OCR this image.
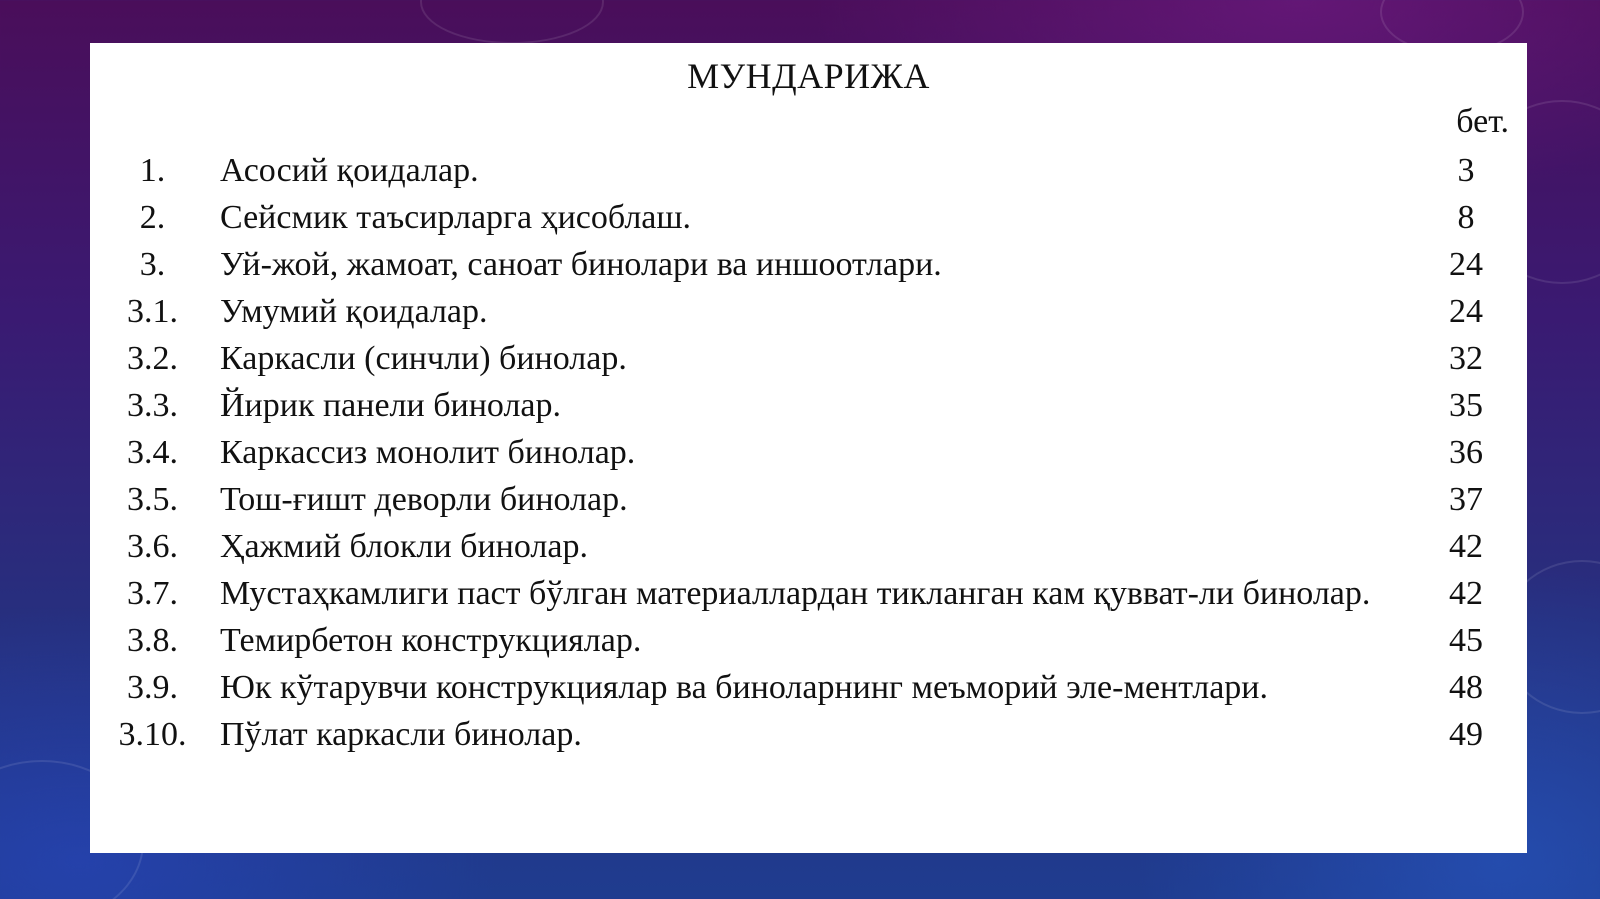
МУНДАРИЖА
бет.
1.	Асосий қоидалар.	3
2.	Сейсмик таъсирларга ҳисоблаш.	8
3.	Уй-жой, жамоат, саноат бинолари ва иншоотлари.	24
3.1.	Умумий қоидалар.	24
3.2.	Каркасли (синчли) бинолар.	32
3.3.	Йирик панели бинолар.	35
3.4.	Каркассиз монолит бинолар.	36
3.5.	Тош-ғишт деворли бинолар.	37
3.6.	Ҳажмий блокли бинолар.	42
3.7.	Мустаҳкамлиги паст бўлган материаллардан тикланган кам қувват-ли бинолар.	42
3.8.	Темирбетон конструкциялар.	45
3.9.	Юк кўтарувчи конструкциялар ва биноларнинг меъморий эле-ментлари.	48
3.10. Пўлат каркасли бинолар.	49
